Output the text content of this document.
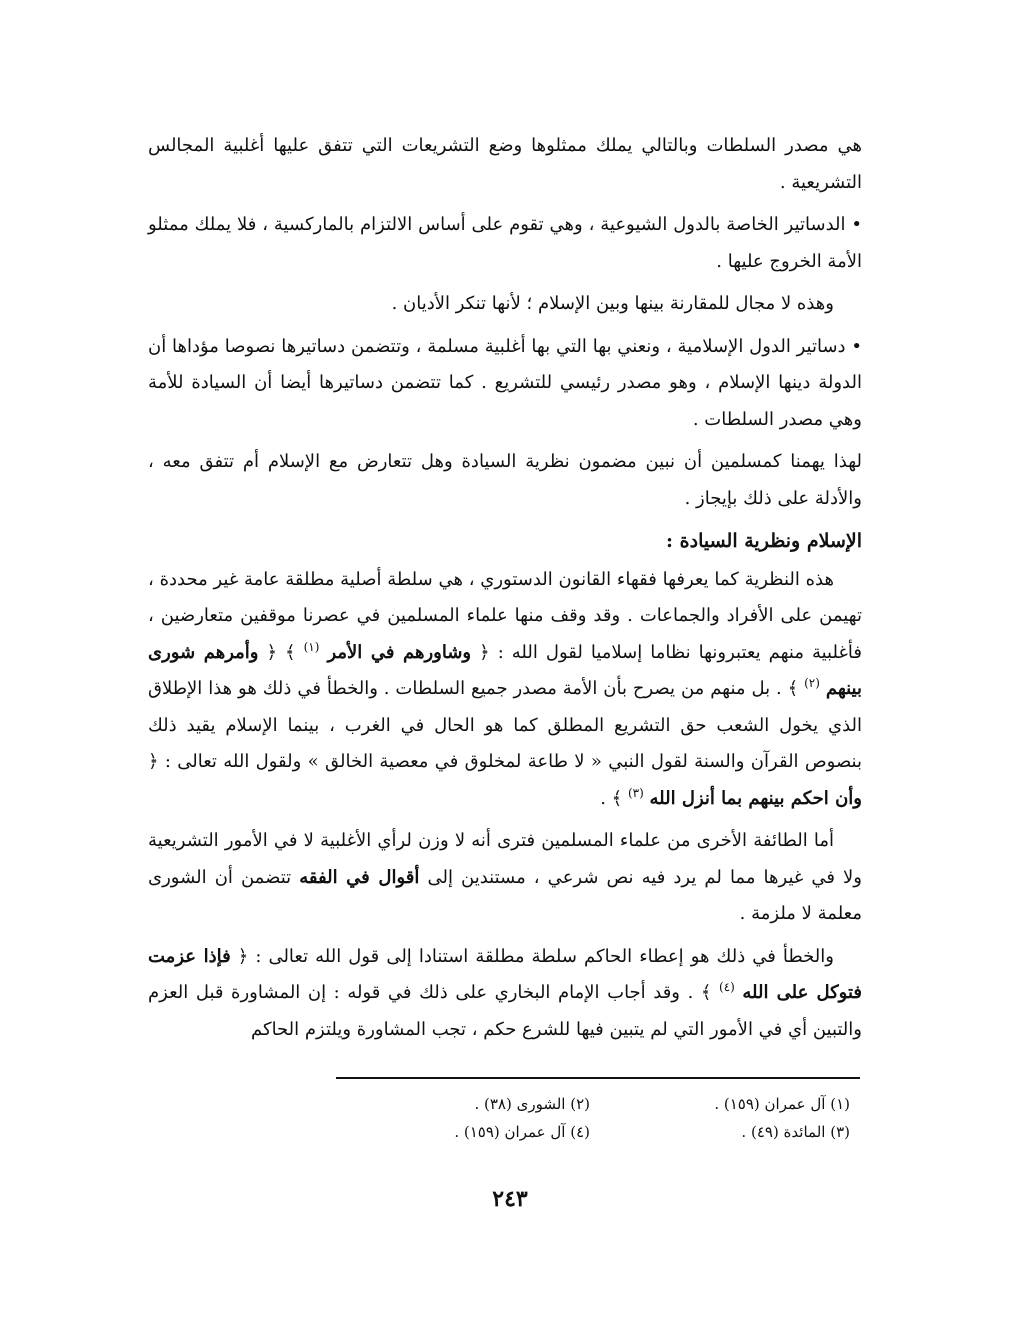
هي مصدر السلطات وبالتالي يملك ممثلوها وضع التشريعات التي تتفق عليها أغلبية المجالس التشريعية .

• الدساتير الخاصة بالدول الشيوعية ، وهي تقوم على أساس الالتزام بالماركسية ، فلا يملك ممثلو الأمة الخروج عليها .

وهذه لا مجال للمقارنة بينها وبين الإسلام ؛ لأنها تنكر الأديان .

• دساتير الدول الإسلامية ، ونعني بها التي بها أغلبية مسلمة ، وتتضمن دساتيرها نصوصا مؤداها أن الدولة دينها الإسلام ، وهو مصدر رئيسي للتشريع . كما تتضمن دساتيرها أيضا أن السيادة للأمة وهي مصدر السلطات .

لهذا يهمنا كمسلمين أن نبين مضمون نظرية السيادة وهل تتعارض مع الإسلام أم تتفق معه ، والأدلة على ذلك بإيجاز .

الإسلام ونظرية السيادة :

هذه النظرية كما يعرفها فقهاء القانون الدستوري ، هي سلطة أصلية مطلقة عامة غير محددة ، تهيمن على الأفراد والجماعات . وقد وقف منها علماء المسلمين في عصرنا موقفين متعارضين ، فأغلبية منهم يعتبرونها نظاما إسلاميا لقول الله : ﴿ وشاورهم في الأمر $^{(١)}$ ﴾ ﴿ وأمرهم شورى بينهم $^{(٢)}$ ﴾ . بل منهم من يصرح بأن الأمة مصدر جميع السلطات . والخطأ في ذلك هو هذا الإطلاق الذي يخول الشعب حق التشريع المطلق كما هو الحال في الغرب ، بينما الإسلام يقيد ذلك بنصوص القرآن والسنة لقول النبي « لا طاعة لمخلوق في معصية الخالق » ولقول الله تعالى : ﴿ وأن احكم بينهم بما أنزل الله $^{(٣)}$ ﴾ .

أما الطائفة الأخرى من علماء المسلمين فترى أنه لا وزن لرأي الأغلبية لا في الأمور التشريعية ولا في غيرها مما لم يرد فيه نص شرعي ، مستندين إلى أقوال في الفقه تتضمن أن الشورى معلمة لا ملزمة .

والخطأ في ذلك هو إعطاء الحاكم سلطة مطلقة استنادا إلى قول الله تعالى : ﴿ فإذا عزمت فتوكل على الله $^{(٤)}$ ﴾ . وقد أجاب الإمام البخاري على ذلك في قوله : إن المشاورة قبل العزم والتبين أي في الأمور التي لم يتبين فيها للشرع حكم ، تجب المشاورة ويلتزم الحاكم

(١) آل عمران (١٥٩) .
(٢) الشورى (٣٨) .
(٣) المائدة (٤٩) .
(٤) آل عمران (١٥٩) .
٢٤٣
